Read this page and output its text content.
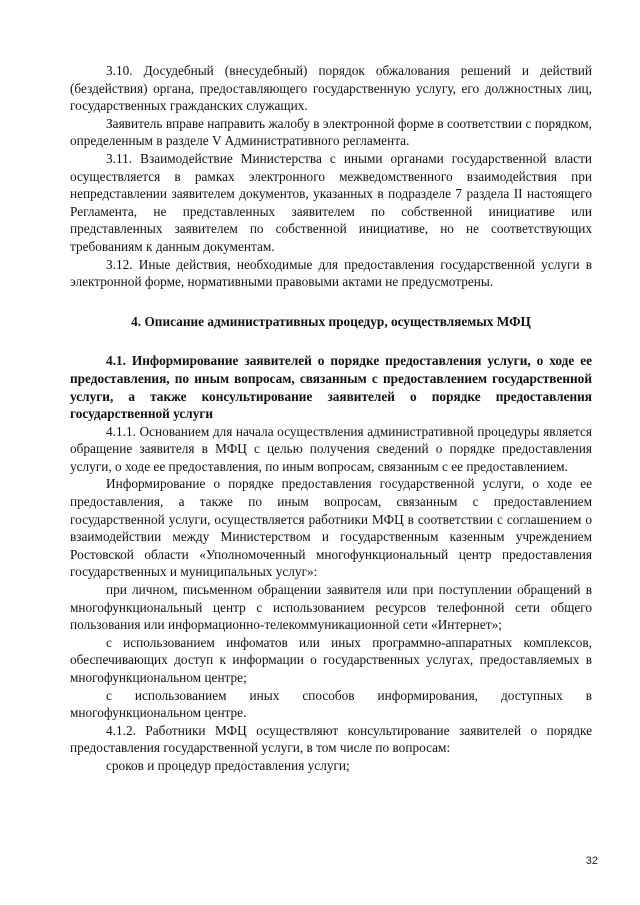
3.10. Досудебный (внесудебный) порядок обжалования решений и действий (бездействия) органа, предоставляющего государственную услугу, его должностных лиц, государственных гражданских служащих.

Заявитель вправе направить жалобу в электронной форме в соответствии с порядком, определенным в разделе V Административного регламента.

3.11. Взаимодействие Министерства с иными органами государственной власти осуществляется в рамках электронного межведомственного взаимодействия при непредставлении заявителем документов, указанных в подразделе 7 раздела II настоящего Регламента, не представленных заявителем по собственной инициативе или представленных заявителем по собственной инициативе, но не соответствующих требованиям к данным документам.

3.12. Иные действия, необходимые для предоставления государственной услуги в электронной форме, нормативными правовыми актами не предусмотрены.

4. Описание административных процедур, осуществляемых МФЦ

4.1. Информирование заявителей о порядке предоставления услуги, о ходе ее предоставления, по иным вопросам, связанным с предоставлением государственной услуги, а также консультирование заявителей о порядке предоставления государственной услуги

4.1.1. Основанием для начала осуществления административной процедуры является обращение заявителя в МФЦ с целью получения сведений о порядке предоставления услуги, о ходе ее предоставления, по иным вопросам, связанным с ее предоставлением.

Информирование о порядке предоставления государственной услуги, о ходе ее предоставления, а также по иным вопросам, связанным с предоставлением государственной услуги, осуществляется работники МФЦ в соответствии с соглашением о взаимодействии между Министерством и государственным казенным учреждением Ростовской области «Уполномоченный многофункциональный центр предоставления государственных и муниципальных услуг»:

при личном, письменном обращении заявителя или при поступлении обращений в многофункциональный центр с использованием ресурсов телефонной сети общего пользования или информационно-телекоммуникационной сети «Интернет»;

с использованием инфоматов или иных программно-аппаратных комплексов, обеспечивающих доступ к информации о государственных услугах, предоставляемых в многофункциональном центре;

с использованием иных способов информирования, доступных в многофункциональном центре.

4.1.2. Работники МФЦ осуществляют консультирование заявителей о порядке предоставления государственной услуги, в том числе по вопросам:

сроков и процедур предоставления услуги;

32
